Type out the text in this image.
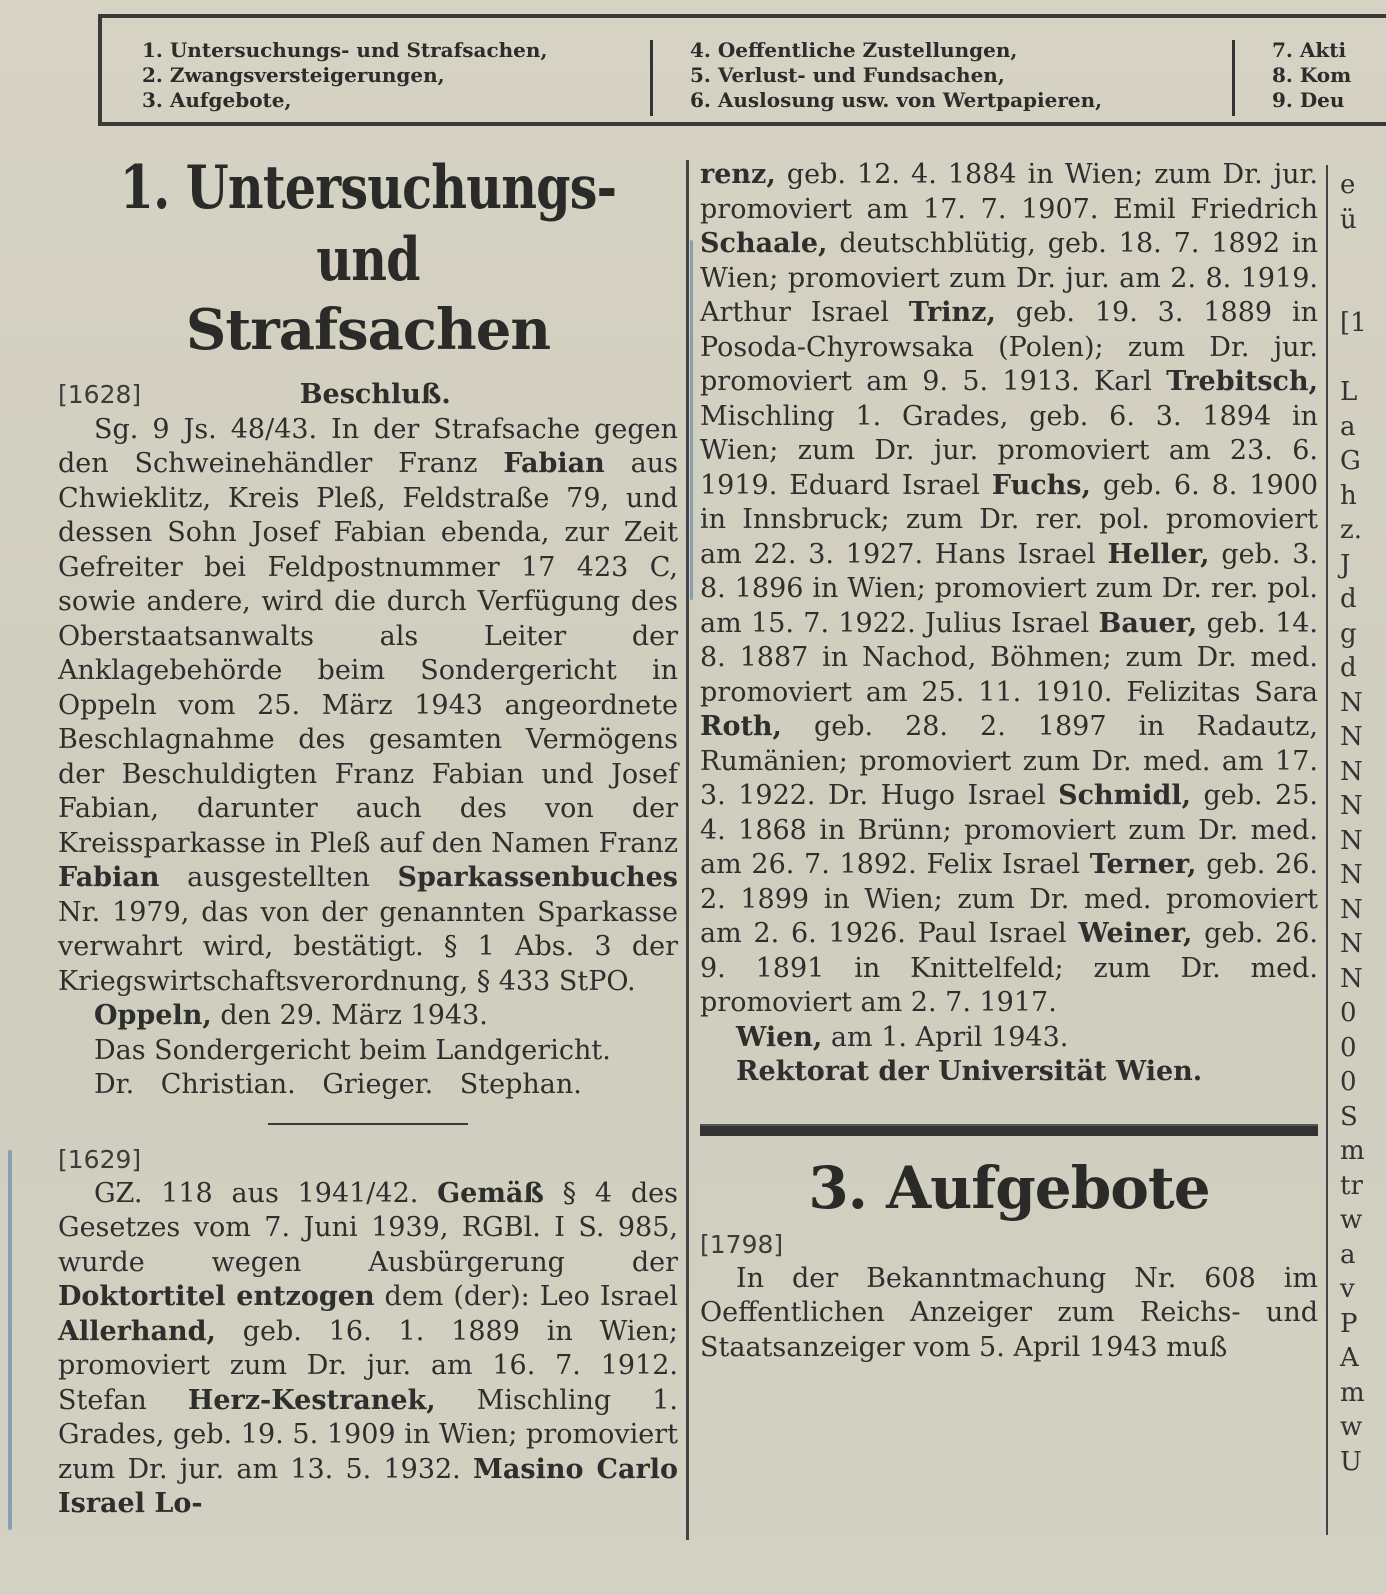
1. Untersuchungs- und Strafsachen,
2. Zwangsversteigerungen,
3. Aufgebote,
4. Oeffentliche Zustellungen,
5. Verlust- und Fundsachen,
6. Auslosung usw. von Wertpapieren,
7. Akti
8. Kom
9. Deu
1. Untersuchungs- und
Strafsachen
[1628]	Beschluß.
Sg. 9 Js. 48/43. In der Strafsache gegen den Schweinehändler Franz Fabian aus Chwieklitz, Kreis Pleß, Feldstraße 79, und dessen Sohn Josef Fabian ebenda, zur Zeit Gefreiter bei Feldpostnummer 17 423 C, sowie andere, wird die durch Verfügung des Oberstaatsanwalts als Leiter der Anklagebehörde beim Sondergericht in Oppeln vom 25. März 1943 angeordnete Beschlagnahme des gesamten Vermögens der Beschuldigten Franz Fabian und Josef Fabian, darunter auch des von der Kreissparkasse in Pleß auf den Namen Franz Fabian ausgestellten Sparkassenbuches Nr. 1979, das von der genannten Sparkasse verwahrt wird, bestätigt. § 1 Abs. 3 der Kriegswirtschaftsverordnung, § 433 StPO.
Oppeln, den 29. März 1943.
Das Sondergericht beim Landgericht.
Dr. Christian. Grieger. Stephan.
[1629]
GZ. 118 aus 1941/42. Gemäß § 4 des Gesetzes vom 7. Juni 1939, RGBl. I S. 985, wurde wegen Ausbürgerung der Doktortitel entzogen dem (der): Leo Israel Allerhand, geb. 16. 1. 1889 in Wien; promoviert zum Dr. jur. am 16. 7. 1912. Stefan Herz-Kestranek, Mischling 1. Grades, geb. 19. 5. 1909 in Wien; promoviert zum Dr. jur. am 13. 5. 1932. Masino Carlo Israel Lo-
renz, geb. 12. 4. 1884 in Wien; zum Dr. jur. promoviert am 17. 7. 1907. Emil Friedrich Schaale, deutschblütig, geb. 18. 7. 1892 in Wien; promoviert zum Dr. jur. am 2. 8. 1919. Arthur Israel Trinz, geb. 19. 3. 1889 in Posoda-Chyrowsaka (Polen); zum Dr. jur. promoviert am 9. 5. 1913. Karl Trebitsch, Mischling 1. Grades, geb. 6. 3. 1894 in Wien; zum Dr. jur. promoviert am 23. 6. 1919. Eduard Israel Fuchs, geb. 6. 8. 1900 in Innsbruck; zum Dr. rer. pol. promoviert am 22. 3. 1927. Hans Israel Heller, geb. 3. 8. 1896 in Wien; promoviert zum Dr. rer. pol. am 15. 7. 1922. Julius Israel Bauer, geb. 14. 8. 1887 in Nachod, Böhmen; zum Dr. med. promoviert am 25. 11. 1910. Felizitas Sara Roth, geb. 28. 2. 1897 in Radautz, Rumänien; promoviert zum Dr. med. am 17. 3. 1922. Dr. Hugo Israel Schmidl, geb. 25. 4. 1868 in Brünn; promoviert zum Dr. med. am 26. 7. 1892. Felix Israel Terner, geb. 26. 2. 1899 in Wien; zum Dr. med. promoviert am 2. 6. 1926. Paul Israel Weiner, geb. 26. 9. 1891 in Knittelfeld; zum Dr. med. promoviert am 2. 7. 1917.
Wien, am 1. April 1943.
Rektorat der Universität Wien.
3. Aufgebote
[1798]
In der Bekanntmachung Nr. 608 im Oeffentlichen Anzeiger zum Reichs- und Staatsanzeiger vom 5. April 1943 muß
e
ü
[1
L
a
G
h
z.
J
d
g
d
N
N
N
N
N
N
N
N
N
0
0
0
S
m
tr
w
a
v
P
A
m
w
U
